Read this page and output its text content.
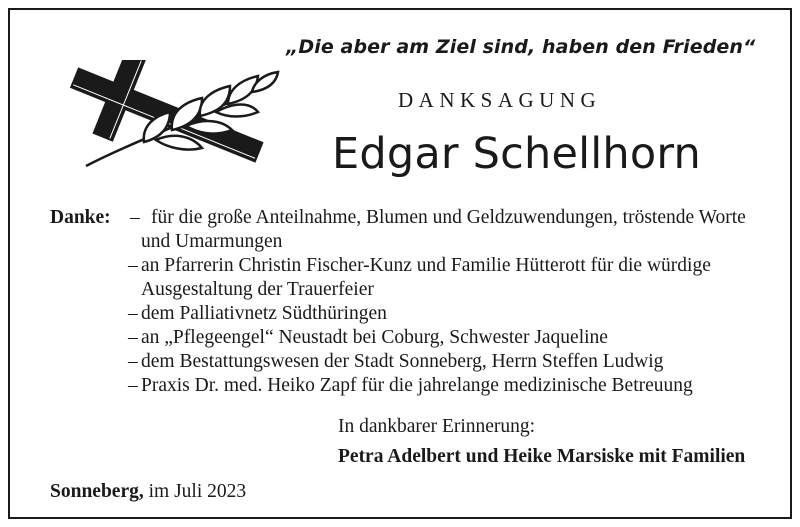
„Die aber am Ziel sind, haben den Frieden“
DANKSAGUNG
Edgar Schellhorn
Danke: – für die große Anteilnahme, Blumen und Geldzuwendungen, tröstende Worte
und Umarmungen
– an Pfarrerin Christin Fischer-Kunz und Familie Hütterott für die würdige
Ausgestaltung der Trauerfeier
– dem Palliativnetz Südthüringen
– an „Pflegeengel“ Neustadt bei Coburg, Schwester Jaqueline
– dem Bestattungswesen der Stadt Sonneberg, Herrn Steffen Ludwig
– Praxis Dr. med. Heiko Zapf für die jahrelange medizinische Betreuung
In dankbarer Erinnerung:
Petra Adelbert und Heike Marsiske mit Familien
Sonneberg, im Juli 2023
